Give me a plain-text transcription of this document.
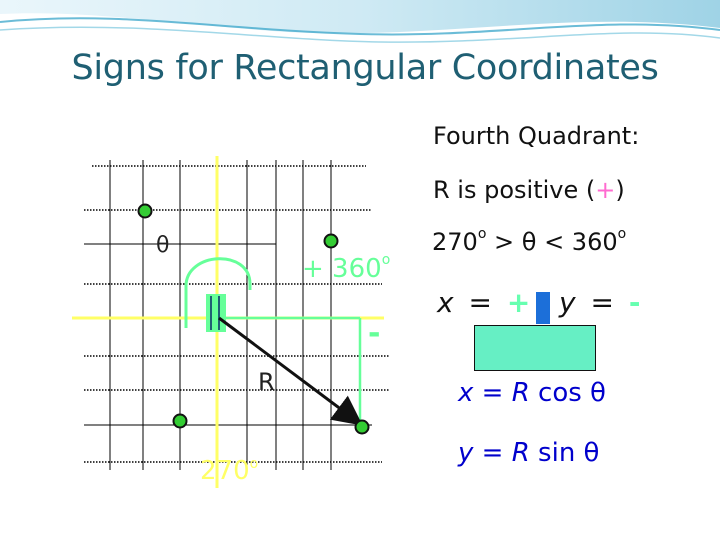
Signs for Rectangular Coordinates
θ
+ $360^o$
-
R
270$^o$
Fourth Quadrant:
R is positive (+)
$270^o > \theta < 360^o$
x = + y = -
x = R cos θ
y = R sin θ
